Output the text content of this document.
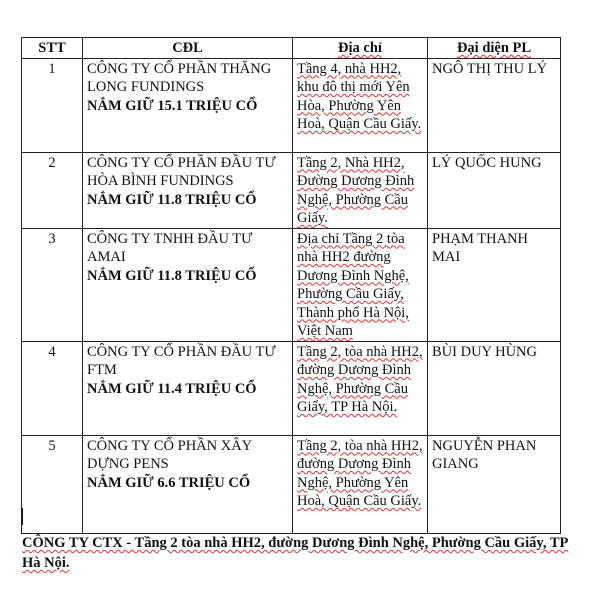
STT	CĐL	Địa chỉ	Đại diện PL
1	CÔNG TY CỔ PHẦN THĂNG LONG FUNDINGS
NẮM GIỮ 15.1 TRIỆU CỔ	Tầng 4, nhà HH2, khu đô thị mới Yên Hòa, Phường Yên Hoà, Quận Cầu Giấy.	NGÔ THỊ THU LÝ
2	CÔNG TY CỔ PHẦN ĐẦU TƯ HÒA BÌNH FUNDINGS
NẮM GIỮ 11.8 TRIỆU CỔ	Tầng 2, Nhà HH2, Đường Dương Đình Nghệ, Phường Cầu Giấy.	LÝ QUỐC HUNG
3	CÔNG TY TNHH ĐẦU TƯ AMAI
NẮM GIỮ 11.8 TRIỆU CỔ	Địa chỉ Tầng 2 tòa nhà HH2 đường Dương Đình Nghệ, Phường Cầu Giấy, Thành phố Hà Nội, Việt Nam	PHẠM THANH MAI
4	CÔNG TY CỔ PHẦN ĐẦU TƯ FTM
NẮM GIỮ 11.4 TRIỆU CỔ	Tầng 2, tòa nhà HH2, đường Dương Đình Nghệ, Phường Cầu Giấy, TP Hà Nội.	BÙI DUY HÙNG
5	CÔNG TY CỔ PHẦN XÂY DỰNG PENS
NẮM GIỮ 6.6 TRIỆU CỔ	Tầng 2, tòa nhà HH2, đường Dương Đình Nghệ, Phường Yên Hoà, Quận Cầu Giấy.	NGUYỄN PHAN GIANG
CÔNG TY CTX - Tầng 2 tòa nhà HH2, đường Dương Đình Nghệ, Phường Cầu Giấy, TP Hà Nội.
